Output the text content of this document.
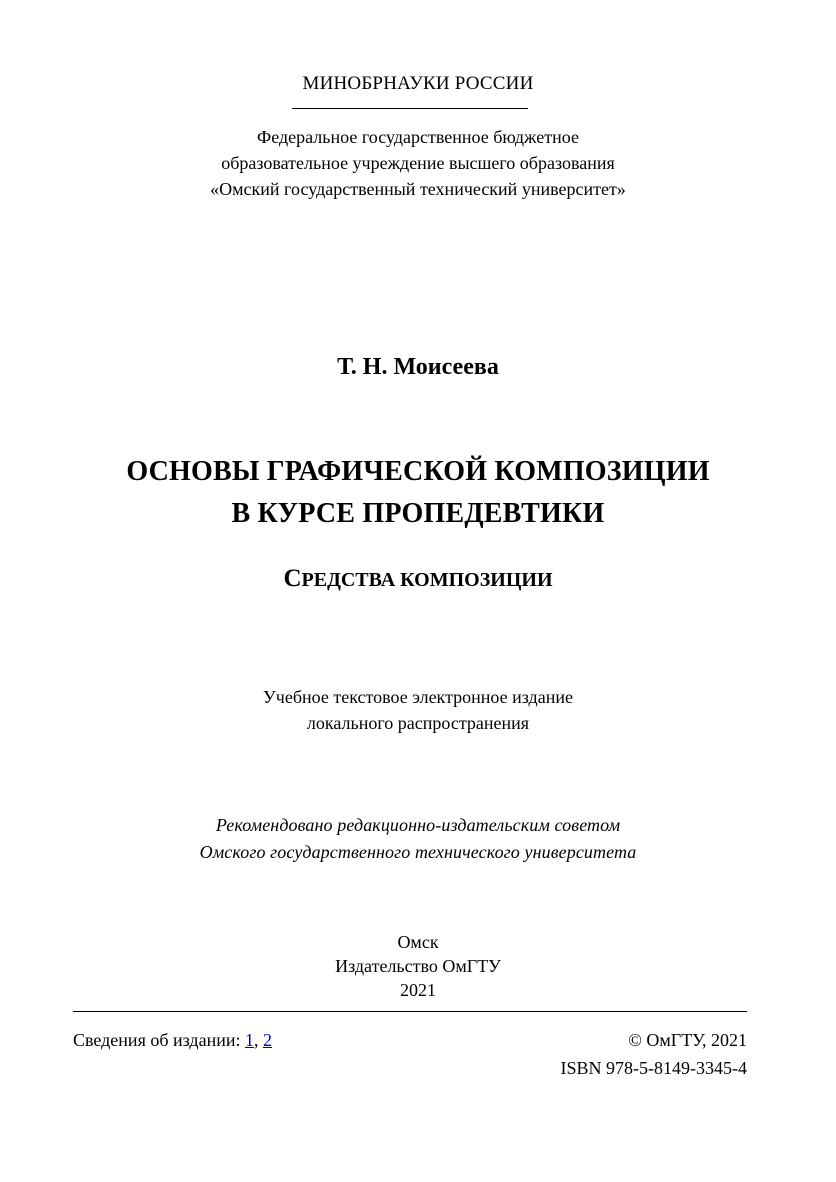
МИНОБРНАУКИ РОССИИ
Федеральное государственное бюджетное
образовательное учреждение высшего образования
«Омский государственный технический университет»
Т. Н. Моисеева
ОСНОВЫ ГРАФИЧЕСКОЙ КОМПОЗИЦИИ
В КУРСЕ ПРОПЕДЕВТИКИ
СРЕДСТВА КОМПОЗИЦИИ
Учебное текстовое электронное издание
локального распространения
Рекомендовано редакционно-издательским советом
Омского государственного технического университета
Омск
Издательство ОмГТУ
2021
Сведения об издании: 1, 2	© ОмГТУ, 2021
ISBN 978-5-8149-3345-4
